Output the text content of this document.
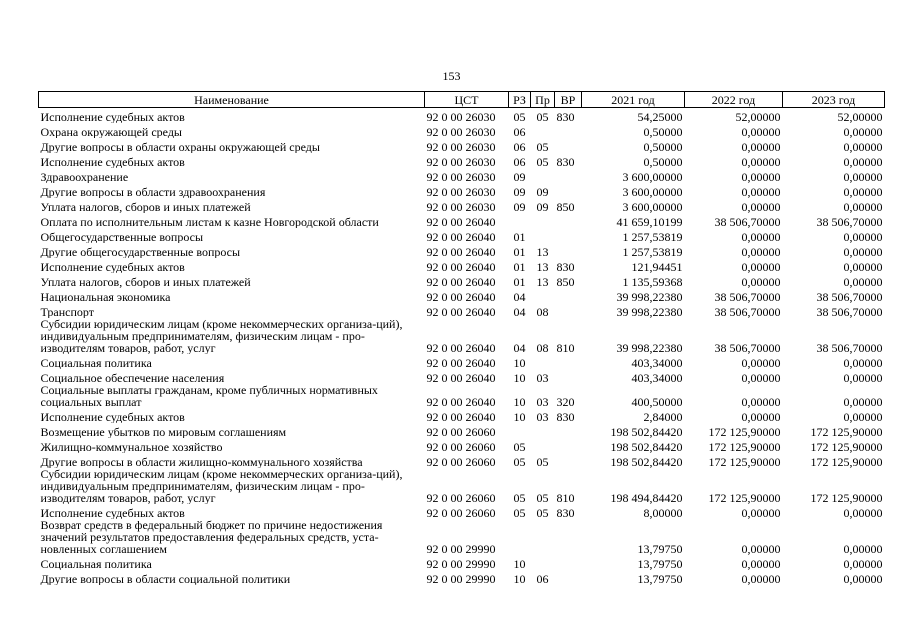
153
Наименование	ЦСТ	РЗ	Пр	ВР	2021 год	2022 год	2023 год
Исполнение судебных актов	92 0 00 26030	05	05	830	54,25000	52,00000	52,00000
Охрана окружающей среды	92 0 00 26030	06			0,50000	0,00000	0,00000
Другие вопросы в области охраны окружающей среды	92 0 00 26030	06	05		0,50000	0,00000	0,00000
Исполнение судебных актов	92 0 00 26030	06	05	830	0,50000	0,00000	0,00000
Здравоохранение	92 0 00 26030	09			3 600,00000	0,00000	0,00000
Другие вопросы в области здравоохранения	92 0 00 26030	09	09		3 600,00000	0,00000	0,00000
Уплата налогов, сборов и иных платежей	92 0 00 26030	09	09	850	3 600,00000	0,00000	0,00000
Оплата по исполнительным листам к казне Новгородской области	92 0 00 26040				41 659,10199	38 506,70000	38 506,70000
Общегосударственные вопросы	92 0 00 26040	01			1 257,53819	0,00000	0,00000
Другие общегосударственные вопросы	92 0 00 26040	01	13		1 257,53819	0,00000	0,00000
Исполнение судебных актов	92 0 00 26040	01	13	830	121,94451	0,00000	0,00000
Уплата налогов, сборов и иных платежей	92 0 00 26040	01	13	850	1 135,59368	0,00000	0,00000
Национальная экономика	92 0 00 26040	04			39 998,22380	38 506,70000	38 506,70000
Транспорт	92 0 00 26040	04	08		39 998,22380	38 506,70000	38 506,70000
Субсидии юридическим лицам (кроме некоммерческих организа-ций), индивидуальным предпринимателям, физическим лицам - про-изводителям товаров, работ, услуг	92 0 00 26040	04	08	810	39 998,22380	38 506,70000	38 506,70000
Социальная политика	92 0 00 26040	10			403,34000	0,00000	0,00000
Социальное обеспечение населения	92 0 00 26040	10	03		403,34000	0,00000	0,00000
Социальные выплаты гражданам, кроме публичных нормативных социальных выплат	92 0 00 26040	10	03	320	400,50000	0,00000	0,00000
Исполнение судебных актов	92 0 00 26040	10	03	830	2,84000	0,00000	0,00000
Возмещение убытков по мировым соглашениям	92 0 00 26060				198 502,84420	172 125,90000	172 125,90000
Жилищно-коммунальное хозяйство	92 0 00 26060	05			198 502,84420	172 125,90000	172 125,90000
Другие вопросы в области жилищно-коммунального хозяйства	92 0 00 26060	05	05		198 502,84420	172 125,90000	172 125,90000
Субсидии юридическим лицам (кроме некоммерческих организа-ций), индивидуальным предпринимателям, физическим лицам - про-изводителям товаров, работ, услуг	92 0 00 26060	05	05	810	198 494,84420	172 125,90000	172 125,90000
Исполнение судебных актов	92 0 00 26060	05	05	830	8,00000	0,00000	0,00000
Возврат средств в федеральный бюджет по причине недостижения значений результатов предоставления федеральных средств, уста-новленных соглашением	92 0 00 29990				13,79750	0,00000	0,00000
Социальная политика	92 0 00 29990	10			13,79750	0,00000	0,00000
Другие вопросы в области социальной политики	92 0 00 29990	10	06		13,79750	0,00000	0,00000
